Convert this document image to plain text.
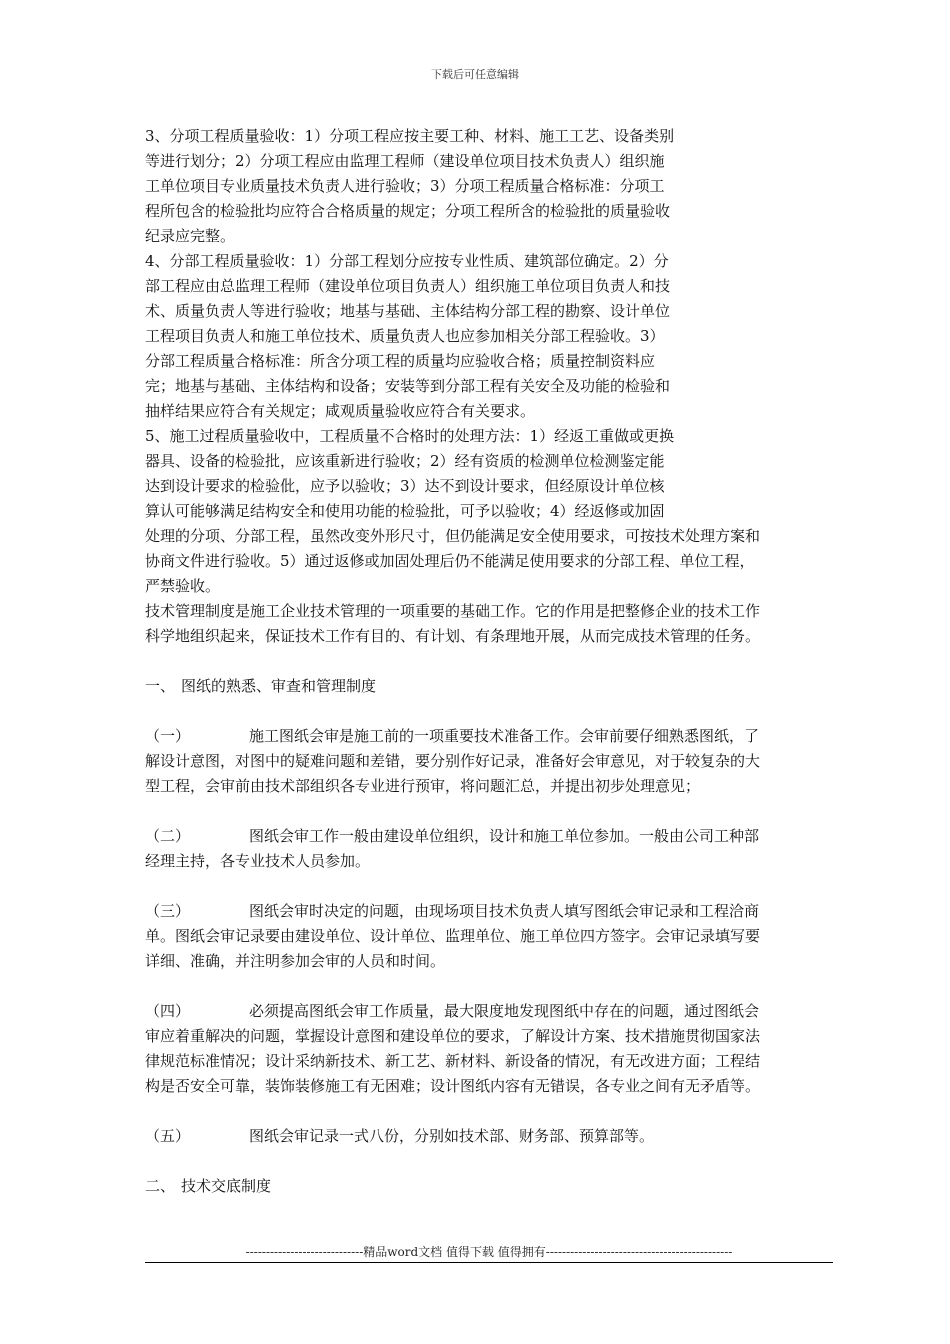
下载后可任意编辑
3、分项工程质量验收：1）分项工程应按主要工种、材料、施工工艺、设备类别
等进行划分；2）分项工程应由监理工程师（建设单位项目技术负责人）组织施
工单位项目专业质量技术负责人进行验收；3）分项工程质量合格标准：分项工
程所包含的检验批均应符合合格质量的规定；分项工程所含的检验批的质量验收
纪录应完整。
4、分部工程质量验收：1）分部工程划分应按专业性质、建筑部位确定。2）分
部工程应由总监理工程师（建设单位项目负责人）组织施工单位项目负责人和技
术、质量负责人等进行验收；地基与基础、主体结构分部工程的勘察、设计单位
工程项目负责人和施工单位技术、质量负责人也应参加相关分部工程验收。3）
分部工程质量合格标准：所含分项工程的质量均应验收合格；质量控制资料应
完；地基与基础、主体结构和设备；安装等到分部工程有关安全及功能的检验和
抽样结果应符合有关规定；咸观质量验收应符合有关要求。
5、施工过程质量验收中，工程质量不合格时的处理方法：1）经返工重做或更换
器具、设备的检验批，应该重新进行验收；2）经有资质的检测单位检测鉴定能
达到设计要求的检验仳，应予以验收；3）达不到设计要求，但经原设计单位核
算认可能够满足结构安全和使用功能的检验批，可予以验收；4）经返修或加固
处理的分项、分部工程，虽然改变外形尺寸，但仍能满足安全使用要求，可按技术处理方案和
协商文件进行验收。5）通过返修或加固处理后仍不能满足使用要求的分部工程、单位工程，
严禁验收。
技术管理制度是施工企业技术管理的一项重要的基础工作。它的作用是把整修企业的技术工作
科学地组织起来，保证技术工作有目的、有计划、有条理地开展，从而完成技术管理的任务。
一、 图纸的熟悉、审查和管理制度
（一）	施工图纸会审是施工前的一项重要技术准备工作。会审前要仔细熟悉图纸，了
解设计意图，对图中的疑难问题和差错，要分别作好记录，准备好会审意见，对于较复杂的大
型工程，会审前由技术部组织各专业进行预审，将问题汇总，并提出初步处理意见；
（二）	图纸会审工作一般由建设单位组织，设计和施工单位参加。一般由公司工种部
经理主持，各专业技术人员参加。
（三）	图纸会审时决定的问题，由现场项目技术负责人填写图纸会审记录和工程洽商
单。图纸会审记录要由建设单位、设计单位、监理单位、施工单位四方签字。会审记录填写要
详细、准确，并注明参加会审的人员和时间。
（四）	必须提高图纸会审工作质量，最大限度地发现图纸中存在的问题，通过图纸会
审应着重解决的问题，掌握设计意图和建设单位的要求，了解设计方案、技术措施贯彻国家法
律规范标准情况；设计采纳新技术、新工艺、新材料、新设备的情况，有无改进方面；工程结
构是否安全可靠，装饰装修施工有无困难；设计图纸内容有无错误，各专业之间有无矛盾等。
（五）	图纸会审记录一式八份，分别如技术部、财务部、预算部等。
二、 技术交底制度
-----------------------------精品word文档 值得下载 值得拥有----------------------------------------------
